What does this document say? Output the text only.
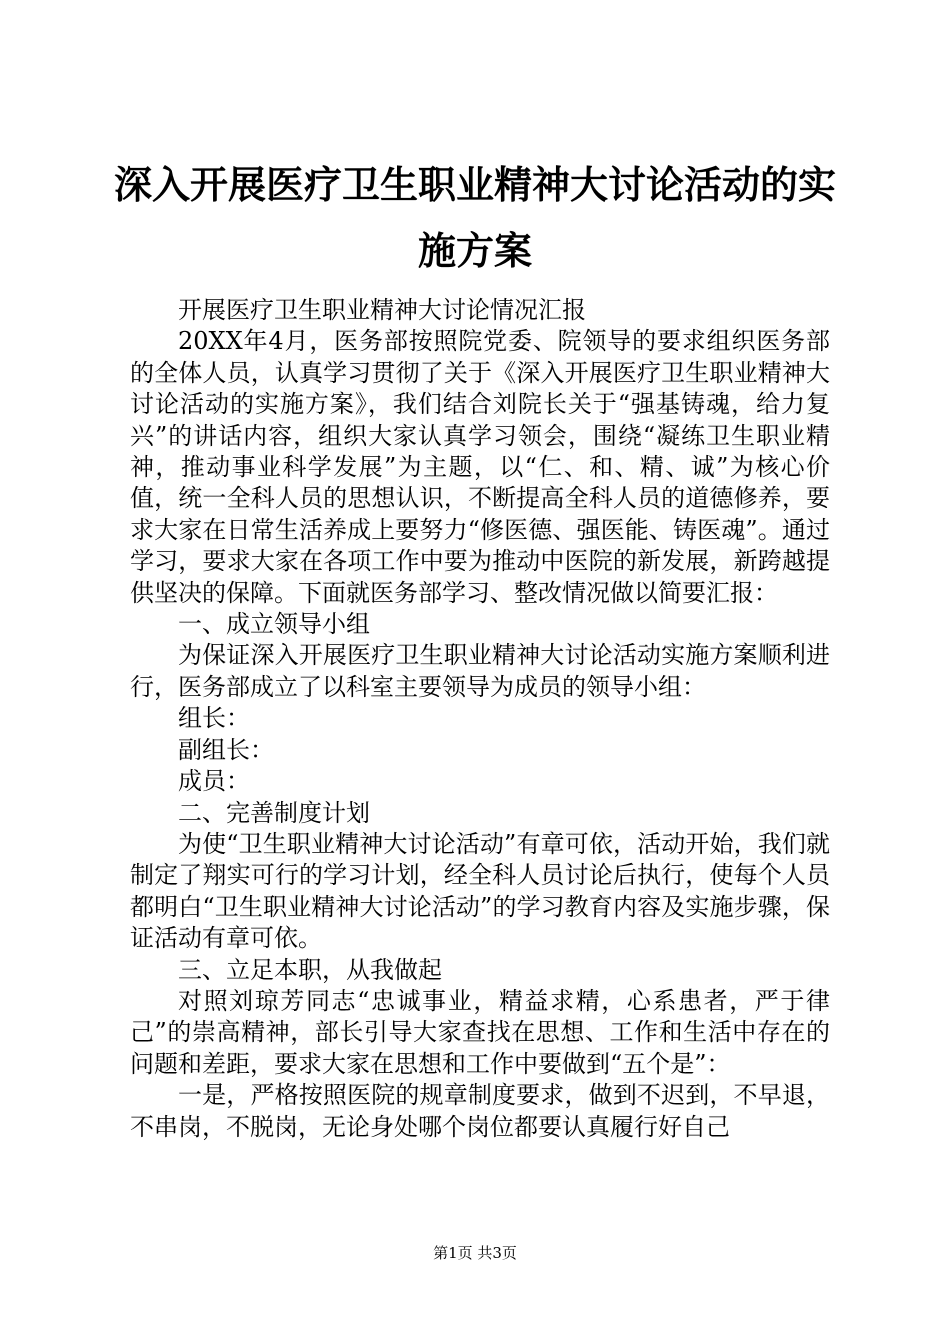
深入开展医疗卫生职业精神大讨论活动的实施方案

开展医疗卫生职业精神大讨论情况汇报

20XX年4月，医务部按照院党委、院领导的要求组织医务部的全体人员，认真学习贯彻了关于《深入开展医疗卫生职业精神大讨论活动的实施方案》，我们结合刘院长关于“强基铸魂，给力复兴”的讲话内容，组织大家认真学习领会，围绕“凝练卫生职业精神，推动事业科学发展”为主题，以“仁、和、精、诚”为核心价值，统一全科人员的思想认识，不断提高全科人员的道德修养，要求大家在日常生活养成上要努力“修医德、强医能、铸医魂”。通过学习，要求大家在各项工作中要为推动中医院的新发展，新跨越提供坚决的保障。下面就医务部学习、整改情况做以简要汇报：

一、成立领导小组

为保证深入开展医疗卫生职业精神大讨论活动实施方案顺利进行，医务部成立了以科室主要领导为成员的领导小组：

组长：

副组长：

成员：

二、完善制度计划

为使“卫生职业精神大讨论活动”有章可依，活动开始，我们就制定了翔实可行的学习计划，经全科人员讨论后执行，使每个人员都明白“卫生职业精神大讨论活动”的学习教育内容及实施步骤，保证活动有章可依。

三、立足本职，从我做起

对照刘琼芳同志“忠诚事业，精益求精，心系患者，严于律己”的崇高精神，部长引导大家查找在思想、工作和生活中存在的问题和差距，要求大家在思想和工作中要做到“五个是”：

一是，严格按照医院的规章制度要求，做到不迟到，不早退，不串岗，不脱岗，无论身处哪个岗位都要认真履行好自己

第1页 共3页
